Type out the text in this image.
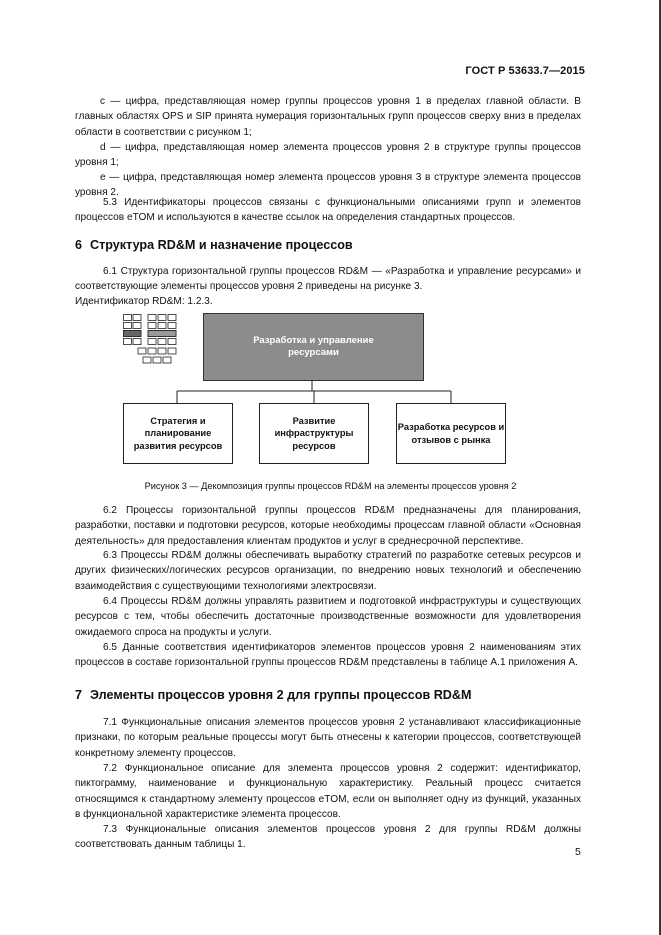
ГОСТ Р 53633.7—2015

c — цифра, представляющая номер группы процессов уровня 1 в пределах главной области. В главных областях OPS и SIP принята нумерация горизонтальных групп процессов сверху вниз в пределах области в соответствии с рисунком 1;

d — цифра, представляющая номер элемента процессов уровня 2 в структуре группы процессов уровня 1;

e — цифра, представляющая номер элемента процессов уровня 3 в структуре элемента процессов уровня 2.

5.3 Идентификаторы процессов связаны с функциональными описаниями групп и элементов процессов eTOM и используются в качестве ссылок на определения стандартных процессов.

6 Структура RD&M и назначение процессов

6.1 Структура горизонтальной группы процессов RD&M — «Разработка и управление ресурсами» и соответствующие элементы процессов уровня 2 приведены на рисунке 3.

Идентификатор RD&M: 1.2.3.

Разработка и управление ресурсами
Стратегия и планирование развития ресурсов
Развитие инфраструктуры ресурсов
Разработка ресурсов и отзывов с рынка
Рисунок 3 — Декомпозиция группы процессов RD&M на элементы процессов уровня 2

6.2 Процессы горизонтальной группы процессов RD&M предназначены для планирования, разработки, поставки и подготовки ресурсов, которые необходимы процессам главной области «Основная деятельность» для предоставления клиентам продуктов и услуг в среднесрочной перспективе.

6.3 Процессы RD&M должны обеспечивать выработку стратегий по разработке сетевых ресурсов и других физических/логических ресурсов организации, по внедрению новых технологий и обеспечению взаимодействия с существующими технологиями электросвязи.

6.4 Процессы RD&M должны управлять развитием и подготовкой инфраструктуры и существующих ресурсов с тем, чтобы обеспечить достаточные производственные возможности для удовлетворения ожидаемого спроса на продукты и услуги.

6.5 Данные соответствия идентификаторов элементов процессов уровня 2 наименованиям этих процессов в составе горизонтальной группы процессов RD&M представлены в таблице А.1 приложения А.

7 Элементы процессов уровня 2 для группы процессов RD&M

7.1 Функциональные описания элементов процессов уровня 2 устанавливают классификационные признаки, по которым реальные процессы могут быть отнесены к категории процессов, соответствующей конкретному элементу процессов.

7.2 Функциональное описание для элемента процессов уровня 2 содержит: идентификатор, пиктограмму, наименование и функциональную характеристику. Реальный процесс считается относящимся к стандартному элементу процессов eTOM, если он выполняет одну из функций, указанных в функциональной характеристике элемента процессов.

7.3 Функциональные описания элементов процессов уровня 2 для группы RD&M должны соответствовать данным таблицы 1.

5
